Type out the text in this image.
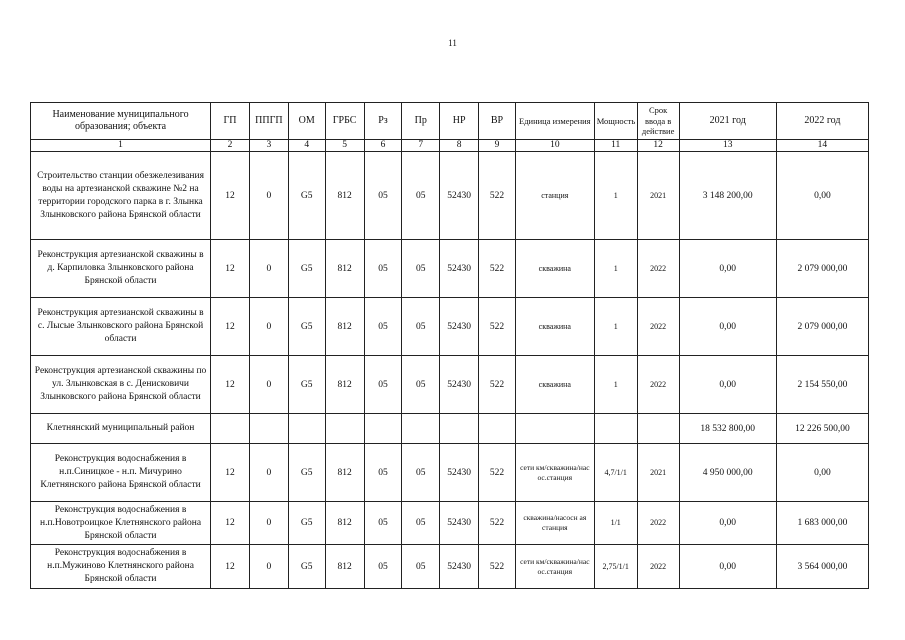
11
Наименование муниципального образования; объекта	ГП	ППГП	ОМ	ГРБС	Рз	Пр	НР	ВР	Единица измерения	Мощность	Срок ввода в действие	2021 год	2022 год
1	2	3	4	5	6	7	8	9	10	11	12	13	14
Строительство станции обезжелезивания воды на артезианской скважине №2 на территории городского парка в г. Злынка Злынковского района Брянской области	12	0	G5	812	05	05	52430	522	станция	1	2021	3 148 200,00	0,00
Реконструкция артезианской скважины в д. Карпиловка Злынковского района Брянской области	12	0	G5	812	05	05	52430	522	скважина	1	2022	0,00	2 079 000,00
Реконструкция артезианской скважины в с. Лысые Злынковского района Брянской области	12	0	G5	812	05	05	52430	522	скважина	1	2022	0,00	2 079 000,00
Реконструкция артезианской скважины по ул. Злынковская в с. Денисковичи Злынковского района Брянской области	12	0	G5	812	05	05	52430	522	скважина	1	2022	0,00	2 154 550,00
Клетнянский муниципальный район												18 532 800,00	12 226 500,00
Реконструкция водоснабжения в н.п.Синицкое - н.п. Мичурино Клетнянского района Брянской области	12	0	G5	812	05	05	52430	522	сети км/скважина/нас ос.станция	4,7/1/1	2021	4 950 000,00	0,00
Реконструкция водоснабжения в н.п.Новотроицкое Клетнянского района Брянской области	12	0	G5	812	05	05	52430	522	скважина/насосн ая станция	1/1	2022	0,00	1 683 000,00
Реконструкция водоснабжения в н.п.Мужиново Клетнянского района Брянской области	12	0	G5	812	05	05	52430	522	сети км/скважина/нас ос.станция	2,75/1/1	2022	0,00	3 564 000,00
